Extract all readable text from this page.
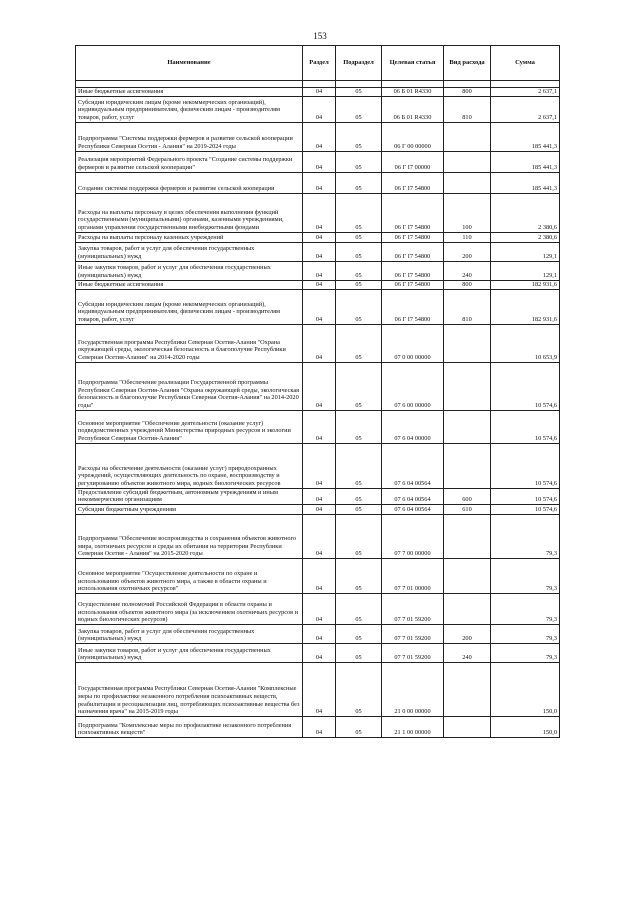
153
Наименование	Раздел	Подраздел	Целевая статья	Вид расхода	Сумма

Иные бюджетные ассигнования	04	05	06 Б 01 R4330	800	2 637,1
Субсидии юридическим лицам (кроме некоммерческих организаций), индивидуальным предпринимателям, физическим лицам - производителям товаров, работ, услуг	04	05	06 Б 01 R4330	810	2 637,1
Подпрограмма "Системы поддержки фермеров и развитие сельской кооперации Республики Северная Осетия - Алания" на 2019-2024 годы	04	05	06 Г 00 00000		185 441,3
Реализация мероприятий Федерального проекта "Создание системы поддержки фермеров и развитие сельской кооперации"	04	05	06 Г I7 00000		185 441,3
Создание системы поддержки фермеров и развитие сельской кооперации	04	05	06 Г I7 54800		185 441,3
Расходы на выплаты персоналу в целях обеспечения выполнения функций государственными (муниципальными) органами, казенными учреждениями, органами управления государственными внебюджетными фондами	04	05	06 Г I7 54800	100	2 380,6
Расходы на выплаты персоналу казенных учреждений	04	05	06 Г I7 54800	110	2 380,6
Закупка товаров, работ и услуг для обеспечения государственных (муниципальных) нужд	04	05	06 Г I7 54800	200	129,1
Иные закупки товаров, работ и услуг для обеспечения государственных (муниципальных) нужд	04	05	06 Г I7 54800	240	129,1
Иные бюджетные ассигнования	04	05	06 Г I7 54800	800	182 931,6
Субсидии юридическим лицам (кроме некоммерческих организаций), индивидуальным предпринимателям, физическим лицам - производителям товаров, работ, услуг	04	05	06 Г I7 54800	810	182 931,6
Государственная программа Республики Северная Осетия-Алания "Охрана окружающей среды, экологическая безопасность и благополучие Республики Северная Осетия-Алания" на 2014-2020 годы	04	05	07 0 00 00000		10 653,9
Подпрограмма "Обеспечение реализации Государственной программы Республики Северная Осетия-Алания "Охрана окружающей среды, экологическая безопасность и благополучие Республики Северная Осетия-Алания" на 2014-2020 годы"	04	05	07 6 00 00000		10 574,6
Основное мероприятие "Обеспечение деятельности (оказание услуг) подведомственных учреждений Министерства природных ресурсов и экологии Республики Северная Осетия-Алания"	04	05	07 6 04 00000		10 574,6
Расходы на обеспечение деятельности (оказание услуг) природоохранных учреждений, осуществляющих деятельность по охране, воспроизводству и регулированию объектов животного мира, водных биологических ресурсов	04	05	07 6 04 00564		10 574,6
Предоставление субсидий бюджетным, автономным учреждениям и иным некоммерческим организациям	04	05	07 6 04 00564	600	10 574,6
Субсидии бюджетным учреждениям	04	05	07 6 04 00564	610	10 574,6
Подпрограмма "Обеспечение воспроизводства и сохранения объектов животного мира, охотничьих ресурсов и среды их обитания на территории Республики Северная Осетия - Алания" на 2015-2020 годы	04	05	07 7 00 00000		79,3
Основное мероприятие "Осуществление деятельности по охране и использованию объектов животного мира, а также в области охраны и использования охотничьих ресурсов"	04	05	07 7 01 00000		79,3
Осуществление полномочий Российской Федерации в области охраны и использования объектов животного мира (за исключением охотничьих ресурсов и водных биологических ресурсов)	04	05	07 7 01 59200		79,3
Закупка товаров, работ и услуг для обеспечения государственных (муниципальных) нужд	04	05	07 7 01 59200	200	79,3
Иные закупки товаров, работ и услуг для обеспечения государственных (муниципальных) нужд	04	05	07 7 01 59200	240	79,3
Государственная программа Республики Северная Осетия-Алания "Комплексные меры по профилактике незаконного потребления психоактивных веществ, реабилитации и ресоциализации лиц, потребляющих психоактивные вещества без назначения врача" на 2015-2019 годы	04	05	21 0 00 00000		150,0
Подпрограмма "Комплексные меры по профилактике незаконного потребления психоактивных веществ"	04	05	21 1 00 00000		150,0
